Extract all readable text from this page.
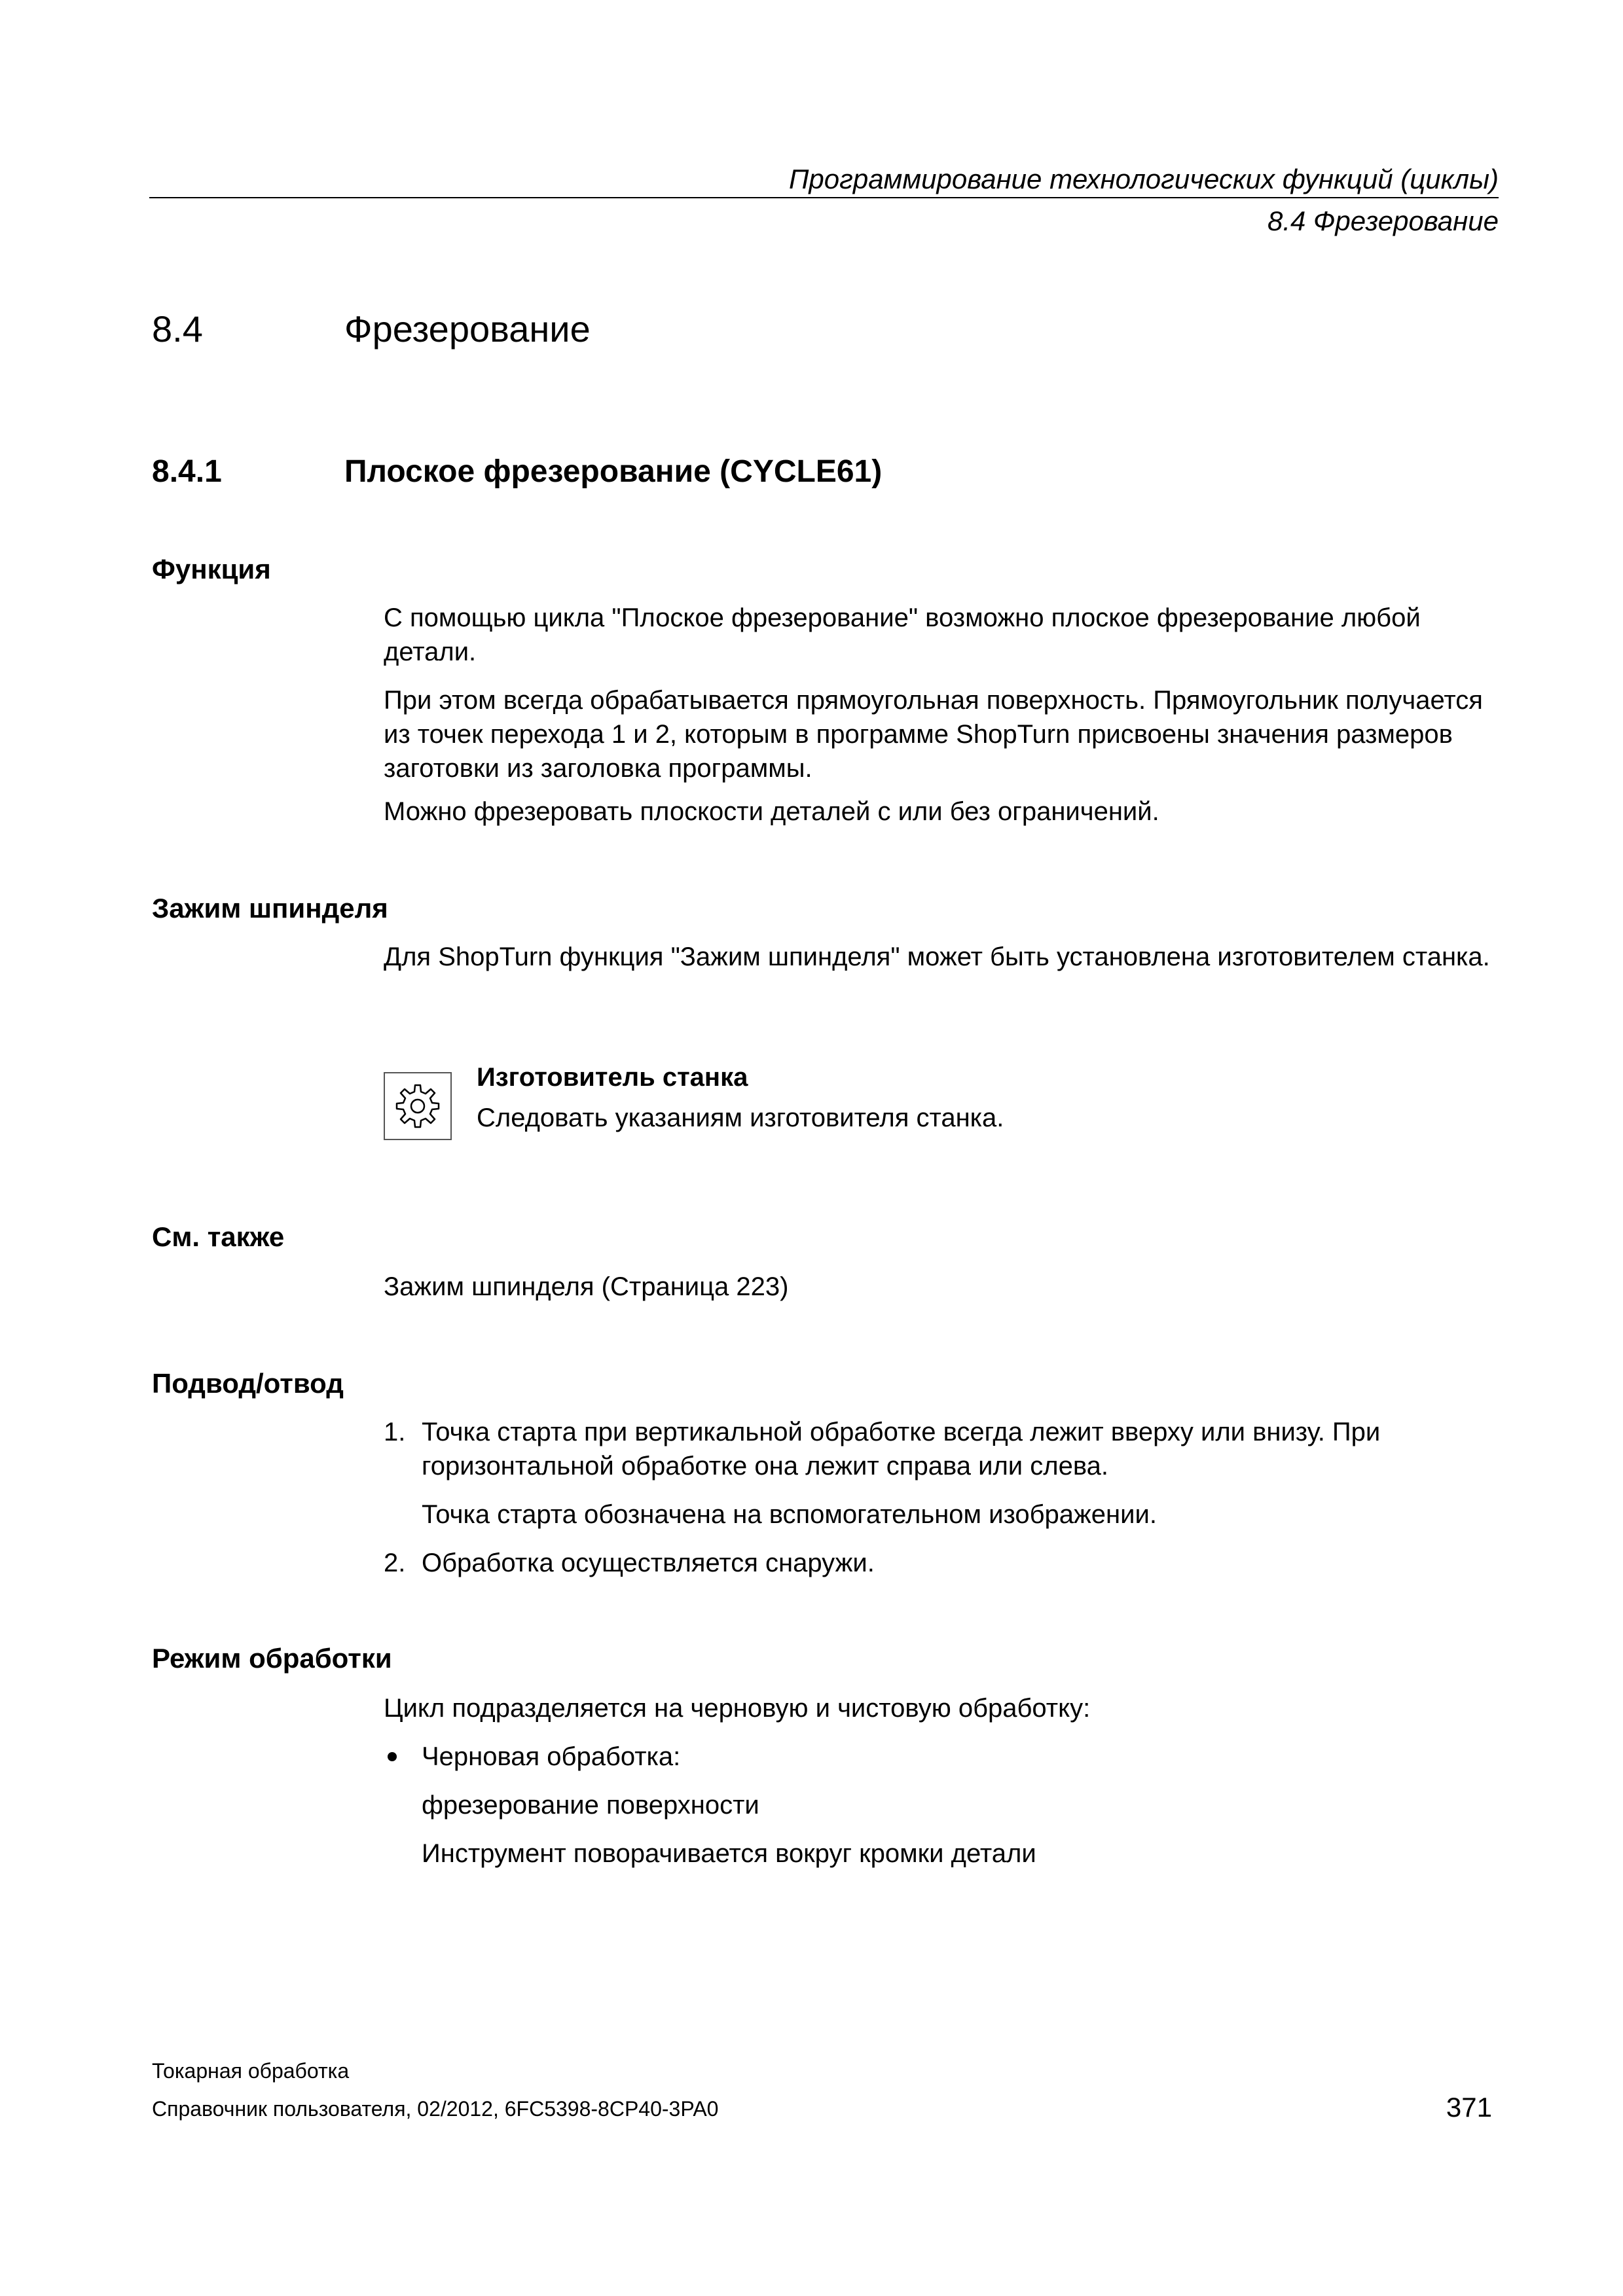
Программирование технологических функций (циклы)
8.4 Фрезерование
8.4	Фрезерование
8.4.1	Плоское фрезерование (CYCLE61)
Функция
С помощью цикла "Плоское фрезерование" возможно плоское фрезерование любой детали.
При этом всегда обрабатывается прямоугольная поверхность. Прямоугольник получается из точек перехода 1 и 2, которым в программе ShopTurn присвоены значения размеров заготовки из заголовка программы.
Можно фрезеровать плоскости деталей с или без ограничений.
Зажим шпинделя
Для ShopTurn функция "Зажим шпинделя" может быть установлена изготовителем станка.
Изготовитель станка
Следовать указаниям изготовителя станка.
См. также
Зажим шпинделя (Страница 223)
Подвод/отвод
1. Точка старта при вертикальной обработке всегда лежит вверху или внизу. При горизонтальной обработке она лежит справа или слева.
Точка старта обозначена на вспомогательном изображении.
2. Обработка осуществляется снаружи.
Режим обработки
Цикл подразделяется на черновую и чистовую обработку:
Черновая обработка:
фрезерование поверхности
Инструмент поворачивается вокруг кромки детали
Токарная обработка
Справочник пользователя, 02/2012, 6FC5398-8CP40-3PA0	371
